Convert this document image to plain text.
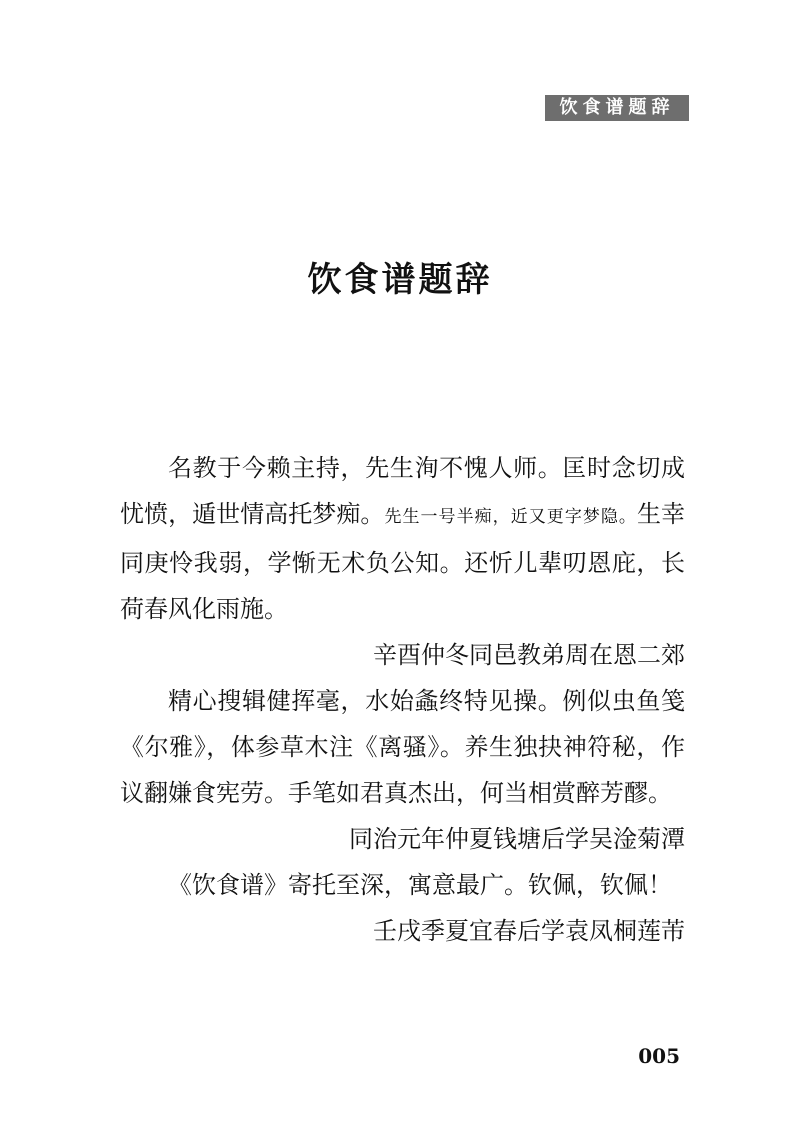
饮食谱题辞
饮食谱题辞

名教于今赖主持，先生洵不愧人师。匡时念切成忧愤，遁世情高托梦痴。先生一号半痴，近又更字梦隐。生幸同庚怜我弱，学惭无术负公知。还忻儿辈叨恩庇，长荷春风化雨施。

辛酉仲冬同邑教弟周在恩二郊

精心搜辑健挥毫，水始螽终特见操。例似虫鱼笺《尔雅》，体参草木注《离骚》。养生独抉神符秘，作议翻嫌食宪劳。手笔如君真杰出，何当相赏醉芳醪。

同治元年仲夏钱塘后学吴淦菊潭

《饮食谱》寄托至深，寓意最广。钦佩，钦佩！

壬戌季夏宜春后学袁凤桐莲芾

005
